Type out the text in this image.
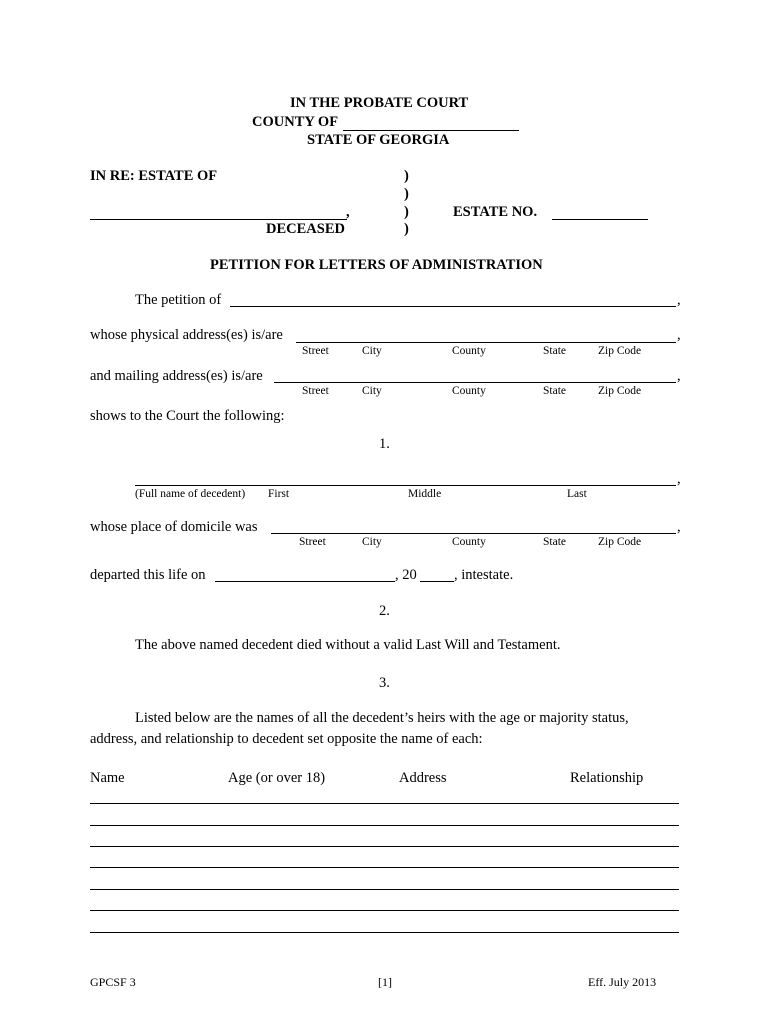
IN THE PROBATE COURT
COUNTY OF
STATE OF GEORGIA
IN RE: ESTATE OF	)
)
,	)	ESTATE NO.
DECEASED	)
PETITION FOR LETTERS OF ADMINISTRATION
The petition of	,
whose physical address(es) is/are	,
Street	City	County	State	Zip Code
and mailing address(es) is/are	,
Street	City	County	State	Zip Code
shows to the Court the following:
1.
,
(Full name of decedent) First	Middle	Last
whose place of domicile was	,
Street	City	County	State	Zip Code
departed this life on	, 20	, intestate.
2.
The above named decedent died without a valid Last Will and Testament.
3.
Listed below are the names of all the decedent’s heirs with the age or majority status,
address, and relationship to decedent set opposite the name of each:
Name	Age (or over 18)	Address	Relationship
GPCSF 3	[1]	Eff. July 2013
